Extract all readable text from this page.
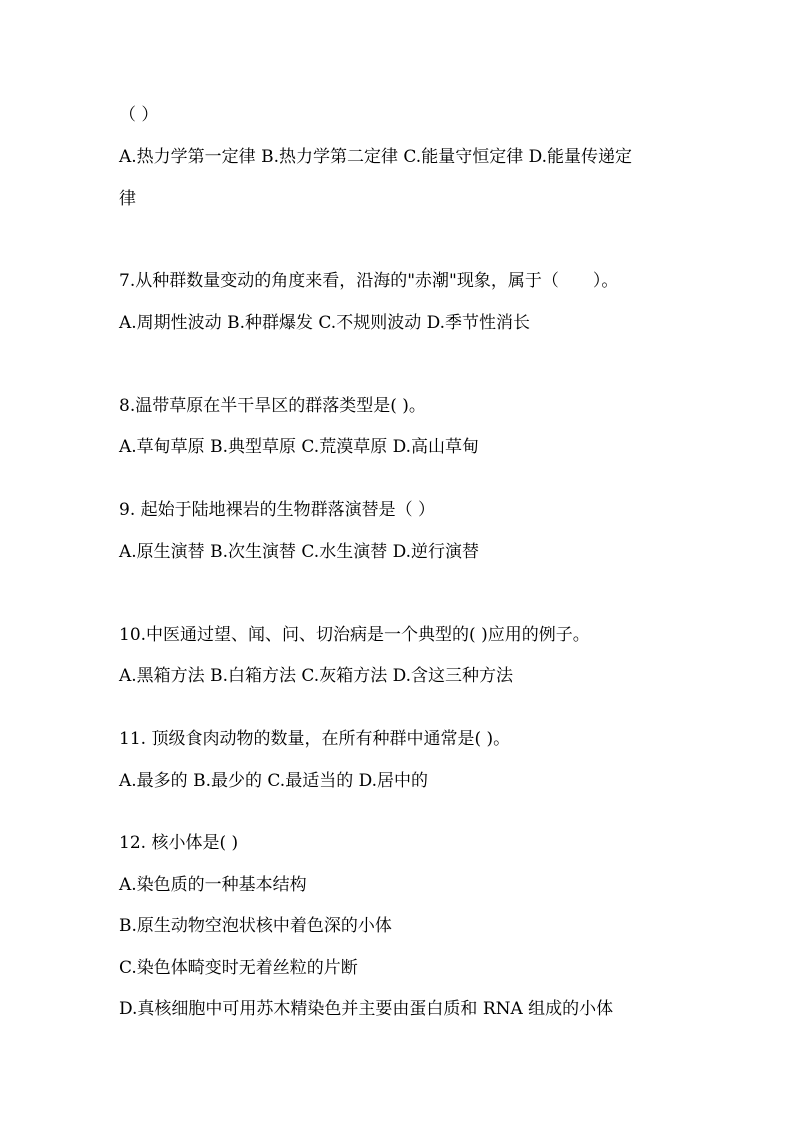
（ ）
A.热力学第一定律 B.热力学第二定律 C.能量守恒定律 D.能量传递定
律
7.从种群数量变动的角度来看，沿海的"赤潮"现象，属于（　　）。
A.周期性波动 B.种群爆发 C.不规则波动 D.季节性消长
8.温带草原在半干旱区的群落类型是( )。
A.草甸草原 B.典型草原 C.荒漠草原 D.高山草甸
9. 起始于陆地裸岩的生物群落演替是（ ）
A.原生演替 B.次生演替 C.水生演替 D.逆行演替
10.中医通过望、闻、问、切治病是一个典型的( )应用的例子。
A.黑箱方法 B.白箱方法 C.灰箱方法 D.含这三种方法
11. 顶级食肉动物的数量，在所有种群中通常是( )。
A.最多的 B.最少的 C.最适当的 D.居中的
12. 核小体是( )
A.染色质的一种基本结构
B.原生动物空泡状核中着色深的小体
C.染色体畸变时无着丝粒的片断
D.真核细胞中可用苏木精染色并主要由蛋白质和 RNA 组成的小体
